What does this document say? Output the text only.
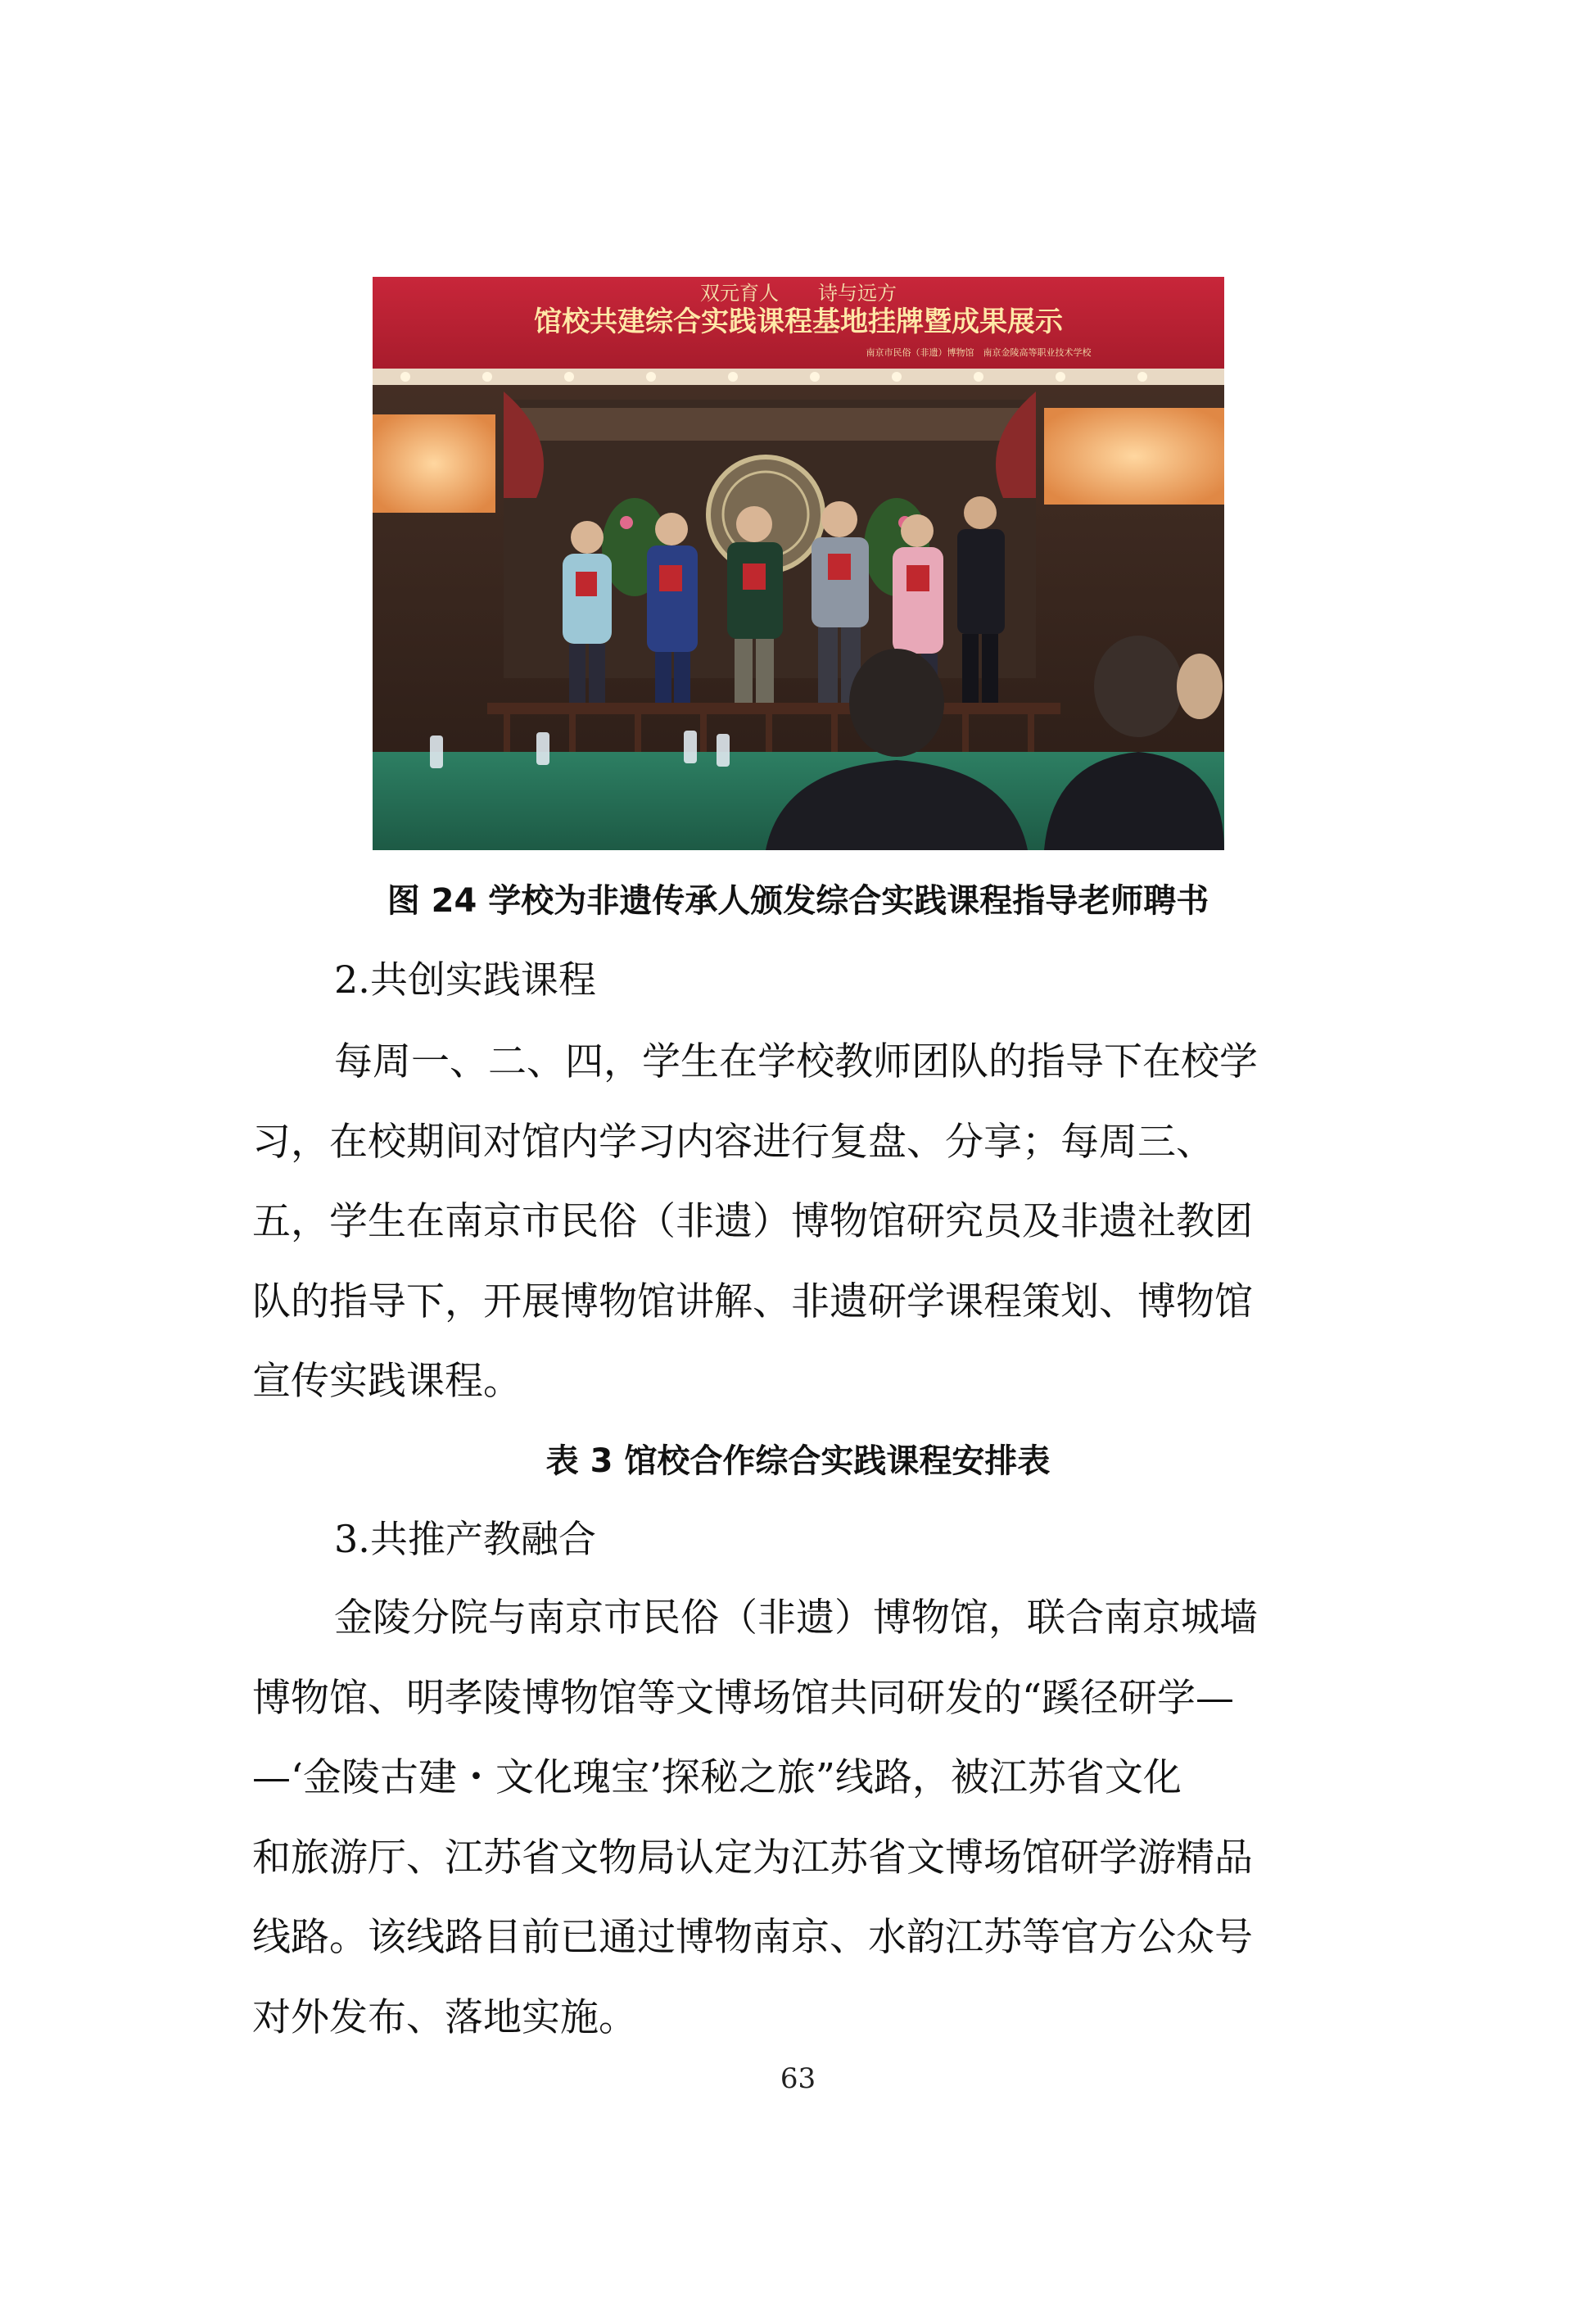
双元育人　　诗与远方
馆校共建综合实践课程基地挂牌暨成果展示
南京市民俗（非遗）博物馆　南京金陵高等职业技术学校
图 24 学校为非遗传承人颁发综合实践课程指导老师聘书
2.共创实践课程
每周一、二、四，学生在学校教师团队的指导下在校学
习，在校期间对馆内学习内容进行复盘、分享；每周三、
五，学生在南京市民俗（非遗）博物馆研究员及非遗社教团
队的指导下，开展博物馆讲解、非遗研学课程策划、博物馆
宣传实践课程。
表 3 馆校合作综合实践课程安排表
3.共推产教融合
金陵分院与南京市民俗（非遗）博物馆，联合南京城墙
博物馆、明孝陵博物馆等文博场馆共同研发的“蹊径研学—
—‘金陵古建・文化瑰宝’探秘之旅”线路，被江苏省文化
和旅游厅、江苏省文物局认定为江苏省文博场馆研学游精品
线路。该线路目前已通过博物南京、水韵江苏等官方公众号
对外发布、落地实施。
63
